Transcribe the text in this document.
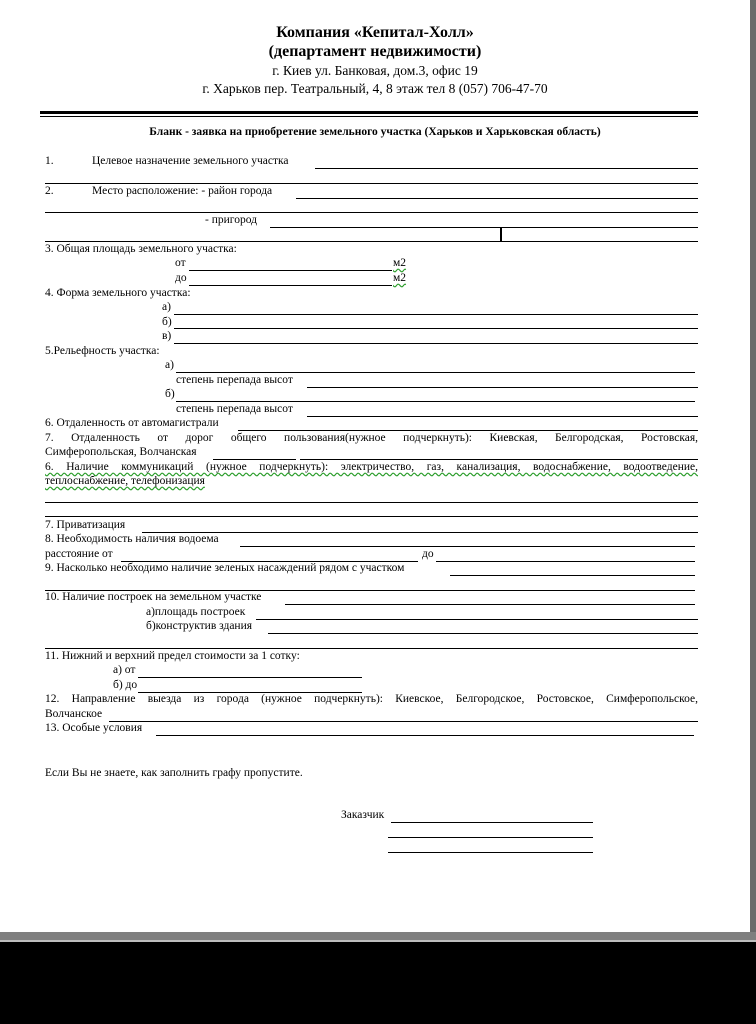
Компания «Кепитал-Холл»
(департамент недвижимости)
г. Киев ул. Банковая, дом.3, офис 19
г. Харьков пер. Театральный, 4, 8 этаж тел 8 (057) 706-47-70
Бланк - заявка на приобретение земельного участка (Харьков и Харьковская область)
1.	Целевое назначение земельного участка
2.	Место расположение: - район города
- пригород
3. Общая площадь земельного участка:
от	м2
до	м2
4. Форма земельного участка:
а)
б)
в)
5.Рельефность участка:
а)
степень перепада высот
б)
степень перепада высот
6. Отдаленность от автомагистрали
7. Отдаленность от дорог общего пользования(нужное подчеркнуть): Киевская, Белгородская, Ростовская,
Симферопольская, Волчанская
6. Наличие коммуникаций (нужное подчеркнуть): электричество, газ, канализация, водоснабжение, водоотведение,
теплоснабжение, телефонизация
7. Приватизация
8. Необходимость наличия водоема
расстояние от	до
9. Насколько необходимо наличие зеленых насаждений рядом с участком
10. Наличие построек на земельном участке
а)площадь построек
б)конструктив здания
11. Нижний и верхний предел стоимости за 1 сотку:
а) от
б) до
12. Направление выезда из города (нужное подчеркнуть): Киевское, Белгородское, Ростовское, Симферопольское,
Волчанское
13. Особые условия
Если Вы не знаете, как заполнить графу пропустите.
Заказчик
